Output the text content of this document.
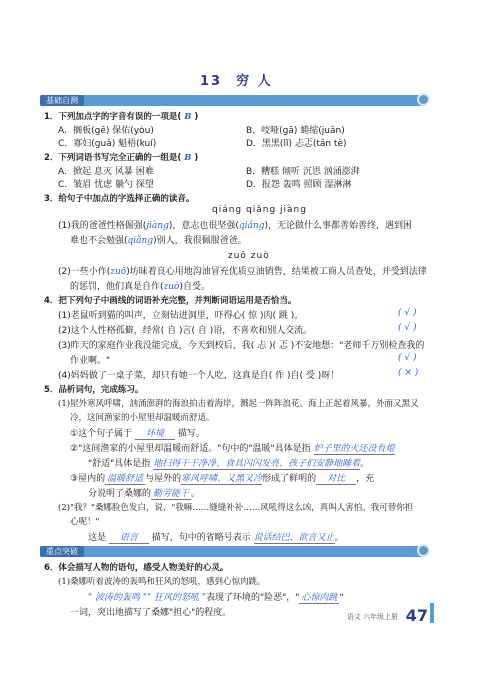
13 穷 人
基础自测
1．下列加点字的字音有误的一项是( B )
A．搁板(gē) 保佑(yòu)	B．吱哑(gā) 蜷缩(juǎn)
C．寡妇(guǎ) 魁梧(kuí)	D．黑黑(lǐ) 忐忑(tǎn tè)
2．下列词语书写完全正确的一组是( B )
A．掀起 息灭 风暴 困难	B．糟糕 倾听 沉思 汹涌澎湃
C．皱眉 忧虑 躺勺 探望	D．报怨 轰鸣 照顾 湿淋淋
3．给句子中加点的字选择正确的读音。
qiáng qiǎng jiàng
(1)我的爸爸性格倔强(jiàng)，意志也很坚强(qiáng)，无论做什么事都善始善终，遇到困
难也不会勉强(qiǎng)别人，我很佩服爸爸。
zuō zuò
(2)一些小作(zuō)坊昧着良心用地沟油冒充优质豆油销售，结果被工商人员查处，并受到法律
的惩罚，他们真是自作(zuò)自受。
4．把下列句子中画线的词语补充完整，并判断词语运用是否恰当。
(1)老鼠听到猫的叫声，立刻钻进洞里，吓得心( 惊 )肉( 跳 )。	( √ )
(2)这个人性格孤僻，经常( 自 )言( 自 )语，不喜欢和别人交流。	( √ )
(3)昨天的家庭作业我没能完成，今天到校后，我( 忐 )( 忑 )不安地想："老师千万别检查我的
作业啊。"	( √ )
(4)妈妈做了一桌子菜，却只有她一个人吃，这真是自( 作 )自( 受 )呀！	( × )
5．品析词句，完成练习。
(1)屋外寒风呼啸，汹涌澎湃的海浪拍击着海岸，溅起一阵阵浪花。海上正起着风暴，外面又黑又
冷，这间渔家的小屋里却温暖而舒适。
①这个句子属于 环境 描写。
②"这间渔家的小屋里却温暖而舒适。"句中的"温暖"具体是指 炉子里的火还没有熄
"舒适"具体是指 地扫得干干净净、食具闪闪发亮、孩子们安静地睡着。
③屋内的 温暖舒适 与屋外的寒风呼啸、又黑又冷形成了鲜明的 对比 ，充
分说明了桑娜的 勤劳能干 。
(2)"我？"桑娜脸色发白，说，"我嘛……缝缝补补……风吼得这么凶，真叫人害怕。我可替你担
心呢！"
这是 语言 描写，句中的省略号表示 说话结巴、欲言又止。
重点突破
6．体会描写人物的语句，感受人物美好的心灵。
(1)桑娜听着波涛的轰鸣和狂风的怒吼，感到心惊肉跳。
" 波涛的轰鸣 "" 狂风的怒吼 "表现了环境的"险恶"，" 心惊肉跳 "
一词，突出地描写了桑娜"担心"的程度。	语文 六年级上册 47
